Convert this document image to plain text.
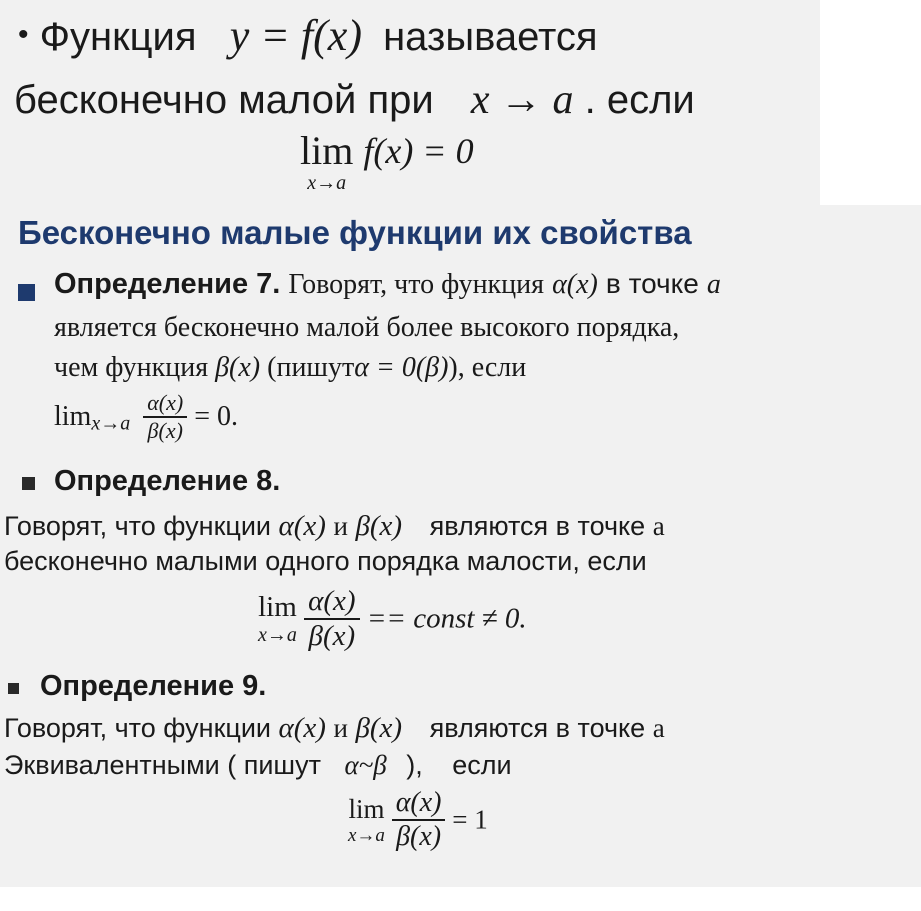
• Функция y = f(x) называется
бесконечно малой при x → a . если
lim
x→a
f(x) = 0
Бесконечно малые функции их свойства
Определение 7. Говорят, что функция α(x) в точке a
является бесконечно малой более высокого порядка,
чем функция β(x) (пишутα = 0(β)), если
$\lim_{x\to a} \frac{\alpha(x)}{\beta(x)} = 0$.
Определение 8.
Говорят, что функции α(x) и β(x) являются в точке a
бесконечно малыми одного порядка малости, если
lim
x→a
$\frac{\alpha(x)}{\beta(x)}$ == const ≠ 0.
Определение 9.
Говорят, что функции α(x) и β(x) являются в точке a
Эквивалентными ( пишут α~β ), если
lim
x→a
$\frac{\alpha(x)}{\beta(x)} = 1$
